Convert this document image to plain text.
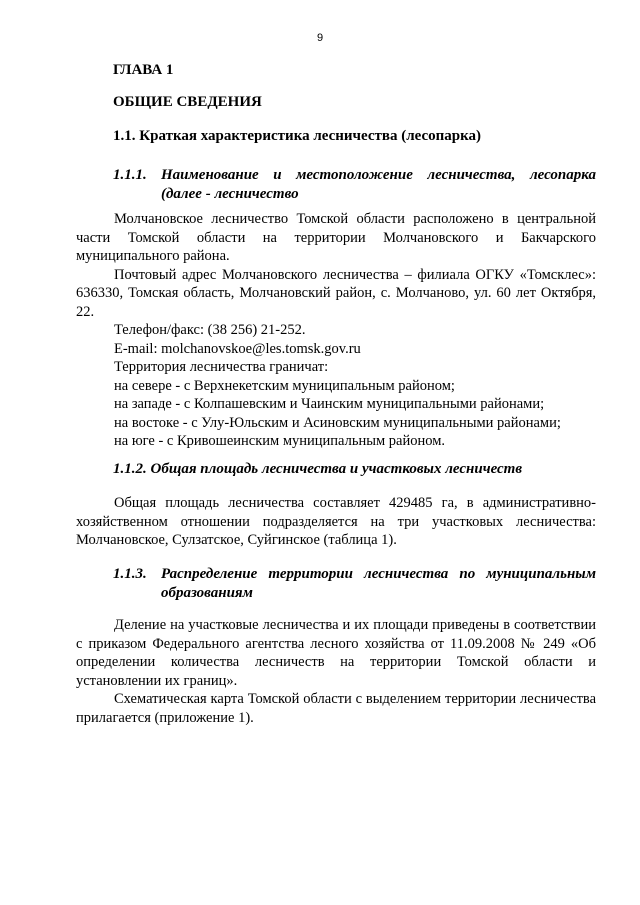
9
ГЛАВА 1
ОБЩИЕ СВЕДЕНИЯ
1.1. Краткая характеристика лесничества (лесопарка)
1.1.1. Наименование и местоположение лесничества, лесопарка
(далее - лесничество

Молчановское лесничество Томской области расположено в центральной части Томской области на территории Молчановского и Бакчарского муниципального района.

Почтовый адрес Молчановского лесничества – филиала ОГКУ «Томсклес»: 636330, Томская область, Молчановский район, с. Молчаново, ул. 60 лет Октября, 22.

Телефон/факс: (38 256) 21-252.
E-mail: molchanovskoe@les.tomsk.gov.ru
Территория лесничества граничат:
на севере - с Верхнекетским муниципальным районом;
на западе - с Колпашевским и Чаинским муниципальными районами;
на востоке - с Улу-Юльским и Асиновским муниципальными районами;
на юге - с Кривошеинским муниципальным районом.
1.1.2. Общая площадь лесничества и участковых лесничеств

Общая площадь лесничества составляет 429485 га, в административно-хозяйственном отношении подразделяется на три участковых лесничества: Молчановское, Сулзатское, Суйгинское (таблица 1).

1.1.3. Распределение территории лесничества по муниципальным
образованиям

Деление на участковые лесничества и их площади приведены в соответствии с приказом Федерального агентства лесного хозяйства от 11.09.2008 № 249 «Об определении количества лесничеств на территории Томской области и установлении их границ».

Схематическая карта Томской области с выделением территории лесничества прилагается (приложение 1).
